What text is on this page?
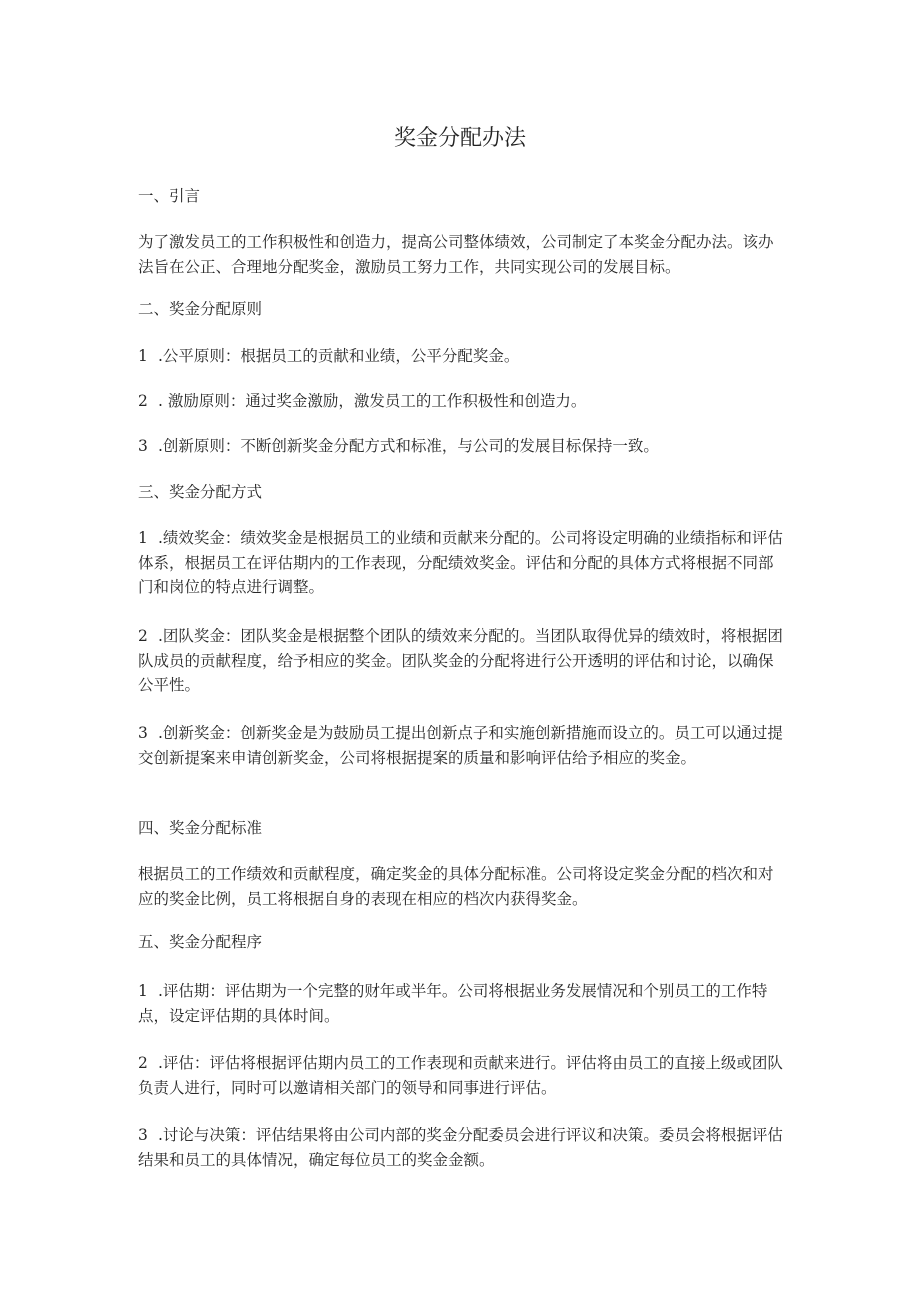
奖金分配办法
一、引言
为了激发员工的工作积极性和创造力，提高公司整体绩效，公司制定了本奖金分配办法。该办法旨在公正、合理地分配奖金，激励员工努力工作，共同实现公司的发展目标。
二、奖金分配原则
1 .公平原则：根据员工的贡献和业绩，公平分配奖金。
2 . 激励原则：通过奖金激励，激发员工的工作积极性和创造力。
3 .创新原则：不断创新奖金分配方式和标准，与公司的发展目标保持一致。
三、奖金分配方式
1 .绩效奖金：绩效奖金是根据员工的业绩和贡献来分配的。公司将设定明确的业绩指标和评估体系，根据员工在评估期内的工作表现，分配绩效奖金。评估和分配的具体方式将根据不同部门和岗位的特点进行调整。
2 .团队奖金：团队奖金是根据整个团队的绩效来分配的。当团队取得优异的绩效时，将根据团队成员的贡献程度，给予相应的奖金。团队奖金的分配将进行公开透明的评估和讨论，以确保公平性。
3 .创新奖金：创新奖金是为鼓励员工提出创新点子和实施创新措施而设立的。员工可以通过提交创新提案来申请创新奖金，公司将根据提案的质量和影响评估给予相应的奖金。
四、奖金分配标准
根据员工的工作绩效和贡献程度，确定奖金的具体分配标准。公司将设定奖金分配的档次和对应的奖金比例，员工将根据自身的表现在相应的档次内获得奖金。
五、奖金分配程序
1 .评估期：评估期为一个完整的财年或半年。公司将根据业务发展情况和个别员工的工作特点，设定评估期的具体时间。
2 .评估：评估将根据评估期内员工的工作表现和贡献来进行。评估将由员工的直接上级或团队负责人进行，同时可以邀请相关部门的领导和同事进行评估。
3 .讨论与决策：评估结果将由公司内部的奖金分配委员会进行评议和决策。委员会将根据评估结果和员工的具体情况，确定每位员工的奖金金额。
